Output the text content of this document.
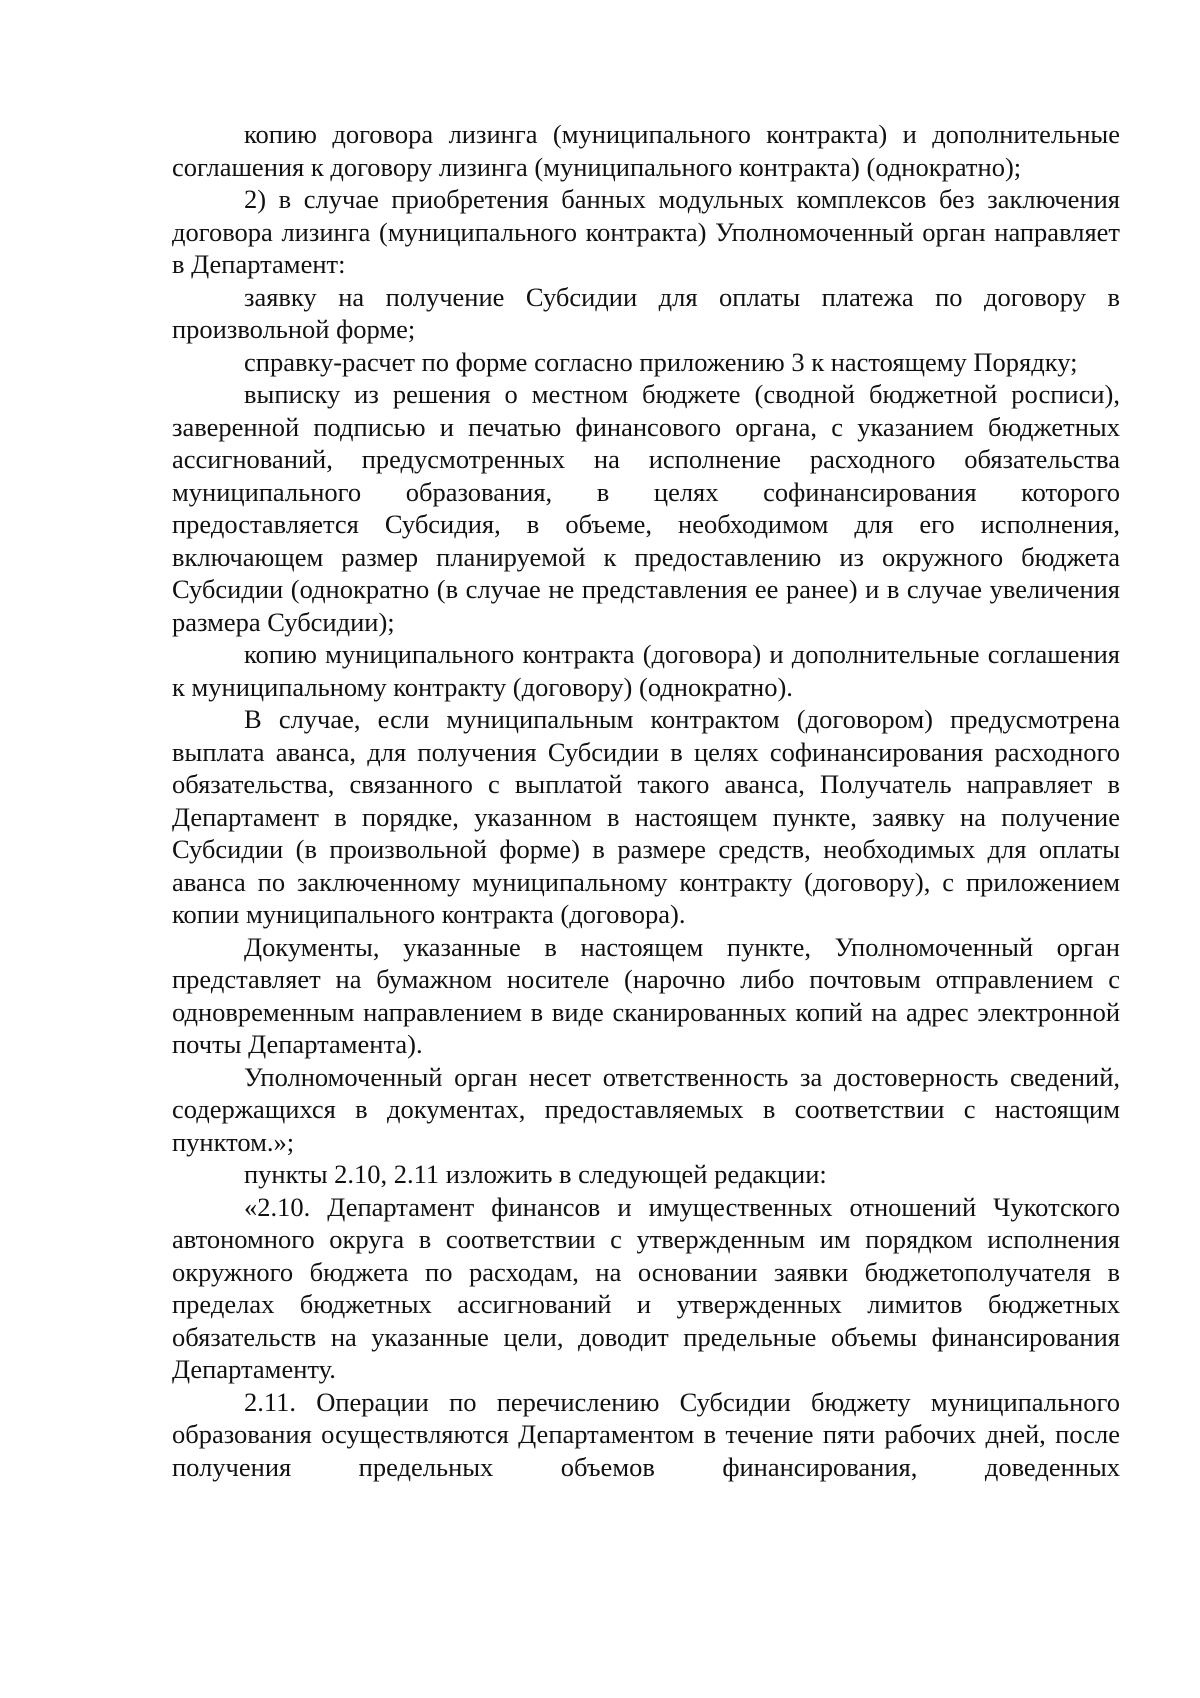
копию договора лизинга (муниципального контракта) и дополнительные соглашения к договору лизинга (муниципального контракта) (однократно);

2) в случае приобретения банных модульных комплексов без заключения договора лизинга (муниципального контракта) Уполномоченный орган направляет в Департамент:

заявку на получение Субсидии для оплаты платежа по договору в произвольной форме;

справку-расчет по форме согласно приложению 3 к настоящему Порядку;

выписку из решения о местном бюджете (сводной бюджетной росписи), заверенной подписью и печатью финансового органа, с указанием бюджетных ассигнований, предусмотренных на исполнение расходного обязательства муниципального образования, в целях софинансирования которого предоставляется Субсидия, в объеме, необходимом для его исполнения, включающем размер планируемой к предоставлению из окружного бюджета Субсидии (однократно (в случае не представления ее ранее) и в случае увеличения размера Субсидии);

копию муниципального контракта (договора) и дополнительные соглашения к муниципальному контракту (договору) (однократно).

В случае, если муниципальным контрактом (договором) предусмотрена выплата аванса, для получения Субсидии в целях софинансирования расходного обязательства, связанного с выплатой такого аванса, Получатель направляет в Департамент в порядке, указанном в настоящем пункте, заявку на получение Субсидии (в произвольной форме) в размере средств, необходимых для оплаты аванса по заключенному муниципальному контракту (договору), с приложением копии муниципального контракта (договора).

Документы, указанные в настоящем пункте, Уполномоченный орган представляет на бумажном носителе (нарочно либо почтовым отправлением с одновременным направлением в виде сканированных копий на адрес электронной почты Департамента).

Уполномоченный орган несет ответственность за достоверность сведений, содержащихся в документах, предоставляемых в соответствии с настоящим пунктом.»;

пункты 2.10, 2.11 изложить в следующей редакции:

«2.10. Департамент финансов и имущественных отношений Чукотского автономного округа в соответствии с утвержденным им порядком исполнения окружного бюджета по расходам, на основании заявки бюджетополучателя в пределах бюджетных ассигнований и утвержденных лимитов бюджетных обязательств на указанные цели, доводит предельные объемы финансирования Департаменту.

2.11. Операции по перечислению Субсидии бюджету муниципального образования осуществляются Департаментом в течение пяти рабочих дней, после получения предельных объемов финансирования, доведенных
